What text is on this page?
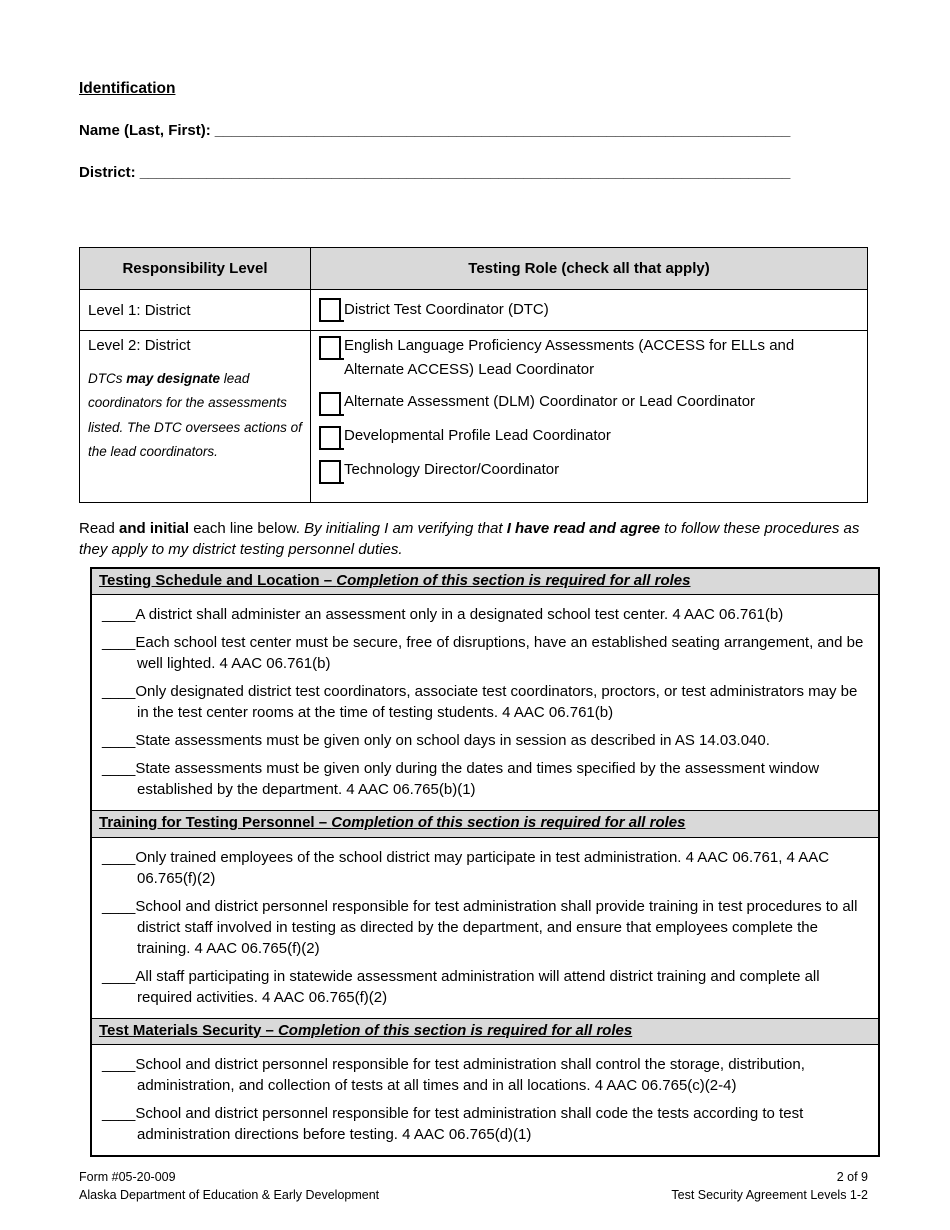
Identification
Name (Last, First): _____________________________________________________________________
District: ______________________________________________________________________________
Responsibility Level	Testing Role (check all that apply)
Level 1: District	District Test Coordinator (DTC)
Level 2: District
DTCs may designate lead coordinators for the assessments listed. The DTC oversees actions of the lead coordinators.
English Language Proficiency Assessments (ACCESS for ELLs and Alternate ACCESS) Lead Coordinator
Alternate Assessment (DLM) Coordinator or Lead Coordinator
Developmental Profile Lead Coordinator
Technology Director/Coordinator
Read and initial each line below. By initialing I am verifying that I have read and agree to follow these procedures as they apply to my district testing personnel duties.
Testing Schedule and Location – Completion of this section is required for all roles
____A district shall administer an assessment only in a designated school test center. 4 AAC 06.761(b)
____Each school test center must be secure, free of disruptions, have an established seating arrangement, and be well lighted. 4 AAC 06.761(b)
____Only designated district test coordinators, associate test coordinators, proctors, or test administrators may be in the test center rooms at the time of testing students. 4 AAC 06.761(b)
____State assessments must be given only on school days in session as described in AS 14.03.040.
____State assessments must be given only during the dates and times specified by the assessment window established by the department. 4 AAC 06.765(b)(1)
Training for Testing Personnel – Completion of this section is required for all roles
____Only trained employees of the school district may participate in test administration. 4 AAC 06.761, 4 AAC 06.765(f)(2)
____School and district personnel responsible for test administration shall provide training in test procedures to all district staff involved in testing as directed by the department, and ensure that employees complete the training. 4 AAC 06.765(f)(2)
____All staff participating in statewide assessment administration will attend district training and complete all required activities. 4 AAC 06.765(f)(2)
Test Materials Security – Completion of this section is required for all roles
____School and district personnel responsible for test administration shall control the storage, distribution, administration, and collection of tests at all times and in all locations. 4 AAC 06.765(c)(2-4)
____School and district personnel responsible for test administration shall code the tests according to test administration directions before testing. 4 AAC 06.765(d)(1)
Form #05-20-009
Alaska Department of Education & Early Development
2 of 9
Test Security Agreement Levels 1-2
